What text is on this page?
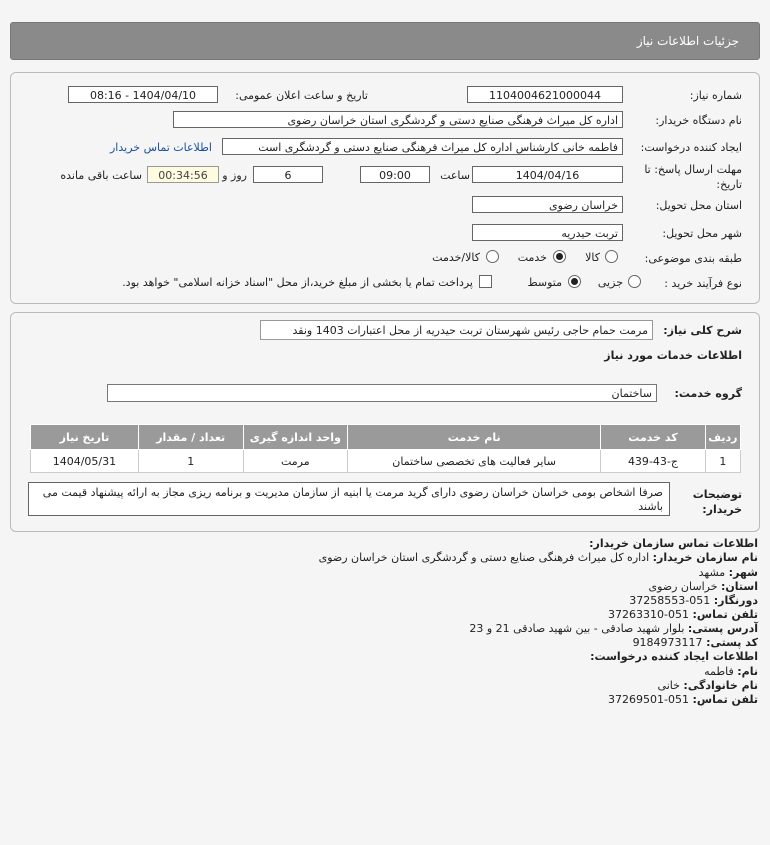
جزئیات اطلاعات نیاز
شماره نیاز:
1104004621000044
تاریخ و ساعت اعلان عمومی:
1404/04/10 - 08:16
نام دستگاه خریدار:
اداره کل میراث فرهنگی صنایع دستی و گردشگری استان خراسان رضوی
ایجاد کننده درخواست:
فاطمه خانی کارشناس اداره کل میراث فرهنگی صنایع دستی و گردشگری است
اطلاعات تماس خریدار
مهلت ارسال پاسخ: تا
تاریخ:
1404/04/16
ساعت
09:00
6
روز و
00:34:56
ساعت باقی مانده
استان محل تحویل:
خراسان رضوی
شهر محل تحویل:
تربت حیدریه
طبقه بندی موضوعی:
کالا
خدمت
کالا/خدمت
نوع فرآیند خرید :
جزیی
متوسط
پرداخت تمام یا بخشی از مبلغ خرید،از محل "اسناد خزانه اسلامی" خواهد بود.
شرح کلی نیاز:
مرمت حمام حاجی رئیس شهرستان تربت حیدریه از محل اعتبارات 1403 ونقد
اطلاعات خدمات مورد نیاز
گروه خدمت:
ساختمان
ردیف	کد خدمت	نام خدمت	واحد اندازه گیری	تعداد / مقدار	تاریخ نیاز
1	ج-43-439	سایر فعالیت های تخصصی ساختمان	مرمت	1	1404/05/31
توضیحات
خریدار:
صرفا اشخاص بومی خراسان خراسان رضوی دارای گرید مرمت یا ابنیه از سازمان مدیریت و برنامه ریزی مجاز به ارائه پیشنهاد قیمت می باشند
اطلاعات تماس سازمان خریدار:
نام سازمان خریدار: اداره کل میراث فرهنگی صنایع دستی و گردشگری استان خراسان رضوی
شهر: مشهد
استان: خراسان رضوی
دورنگار: 051-37258553
تلفن تماس: 051-37263310
آدرس پستی: بلوار شهید صادقی - بین شهید صادقی 21 و 23
کد پستی: 9184973117
اطلاعات ایجاد کننده درخواست:
نام: فاطمه
نام خانوادگی: خانی
تلفن تماس: 051-37269501
